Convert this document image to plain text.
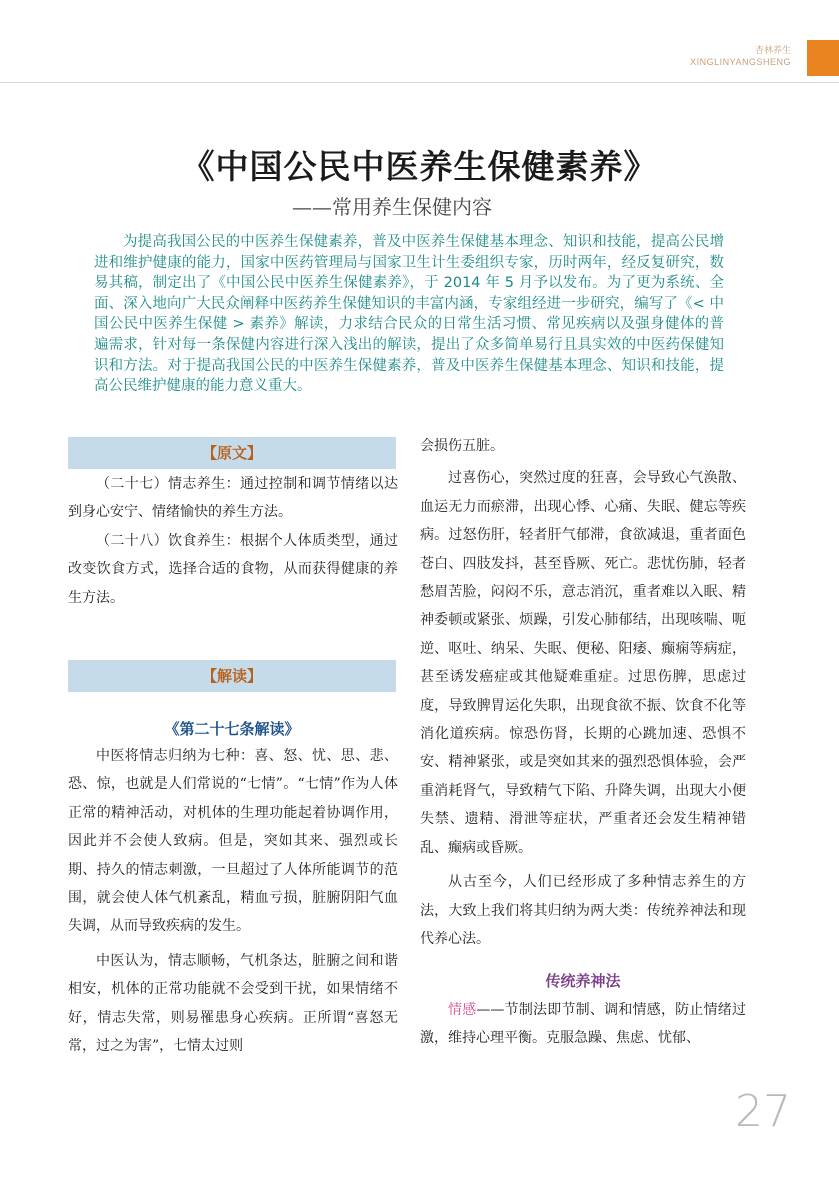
杏林养生
XINGLINYANGSHENG
《中国公民中医养生保健素养》
——常用养生保健内容
为提高我国公民的中医养生保健素养，普及中医养生保健基本理念、知识和技能，提高公民增进和维护健康的能力，国家中医药管理局与国家卫生计生委组织专家，历时两年，经反复研究，数易其稿，制定出了《中国公民中医养生保健素养》，于 2014 年 5 月予以发布。为了更为系统、全面、深入地向广大民众阐释中医药养生保健知识的丰富内涵，专家组经进一步研究，编写了《< 中国公民中医养生保健 > 素养》解读，力求结合民众的日常生活习惯、常见疾病以及强身健体的普遍需求，针对每一条保健内容进行深入浅出的解读，提出了众多简单易行且具实效的中医药保健知识和方法。对于提高我国公民的中医养生保健素养，普及中医养生保健基本理念、知识和技能，提高公民维护健康的能力意义重大。
【原文】

（二十七）情志养生：通过控制和调节情绪以达到身心安宁、情绪愉快的养生方法。

（二十八）饮食养生：根据个人体质类型，通过改变饮食方式，选择合适的食物，从而获得健康的养生方法。

【解读】
《第二十七条解读》

中医将情志归纳为七种：喜、怒、忧、思、悲、恐、惊，也就是人们常说的“七情”。“七情”作为人体正常的精神活动，对机体的生理功能起着协调作用，因此并不会使人致病。但是，突如其来、强烈或长期、持久的情志刺激，一旦超过了人体所能调节的范围，就会使人体气机紊乱，精血亏损，脏腑阴阳气血失调，从而导致疾病的发生。

中医认为，情志顺畅，气机条达，脏腑之间和谐相安，机体的正常功能就不会受到干扰，如果情绪不好，情志失常，则易罹患身心疾病。正所谓“喜怒无常，过之为害”，七情太过则

会损伤五脏。

过喜伤心，突然过度的狂喜，会导致心气涣散、血运无力而瘀滞，出现心悸、心痛、失眠、健忘等疾病。过怒伤肝，轻者肝气郁滞，食欲减退，重者面色苍白、四肢发抖，甚至昏厥、死亡。悲忧伤肺，轻者愁眉苦脸，闷闷不乐，意志消沉，重者难以入眠、精神委顿或紧张、烦躁，引发心肺郁结，出现咳喘、呃逆、呕吐、纳呆、失眠、便秘、阳痿、癫痫等病症，甚至诱发癌症或其他疑难重症。过思伤脾，思虑过度，导致脾胃运化失职，出现食欲不振、饮食不化等消化道疾病。惊恐伤肾，长期的心跳加速、恐惧不安、精神紧张，或是突如其来的强烈恐惧体验，会严重消耗肾气，导致精气下陷、升降失调，出现大小便失禁、遗精、滑泄等症状，严重者还会发生精神错乱、癫病或昏厥。

从古至今，人们已经形成了多种情志养生的方法，大致上我们将其归纳为两大类：传统养神法和现代养心法。

传统养神法

情感——节制法即节制、调和情感，防止情绪过激，维持心理平衡。克服急躁、焦虑、忧郁、

27
